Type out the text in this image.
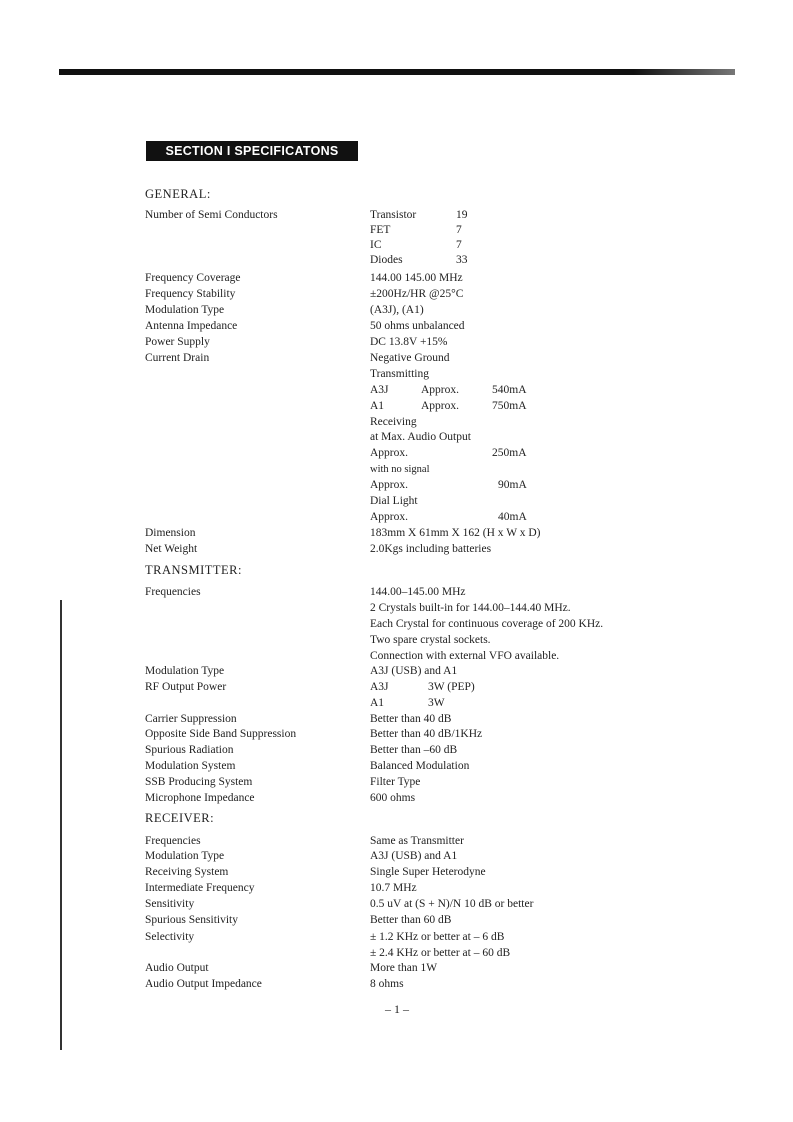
SECTION I SPECIFICATONS
GENERAL:
Number of Semi Conductors	Transistor	19
FET	7
IC	7
Diodes	33
Frequency Coverage	144.00 145.00 MHz
Frequency Stability	±200Hz/HR @25°C
Modulation Type	(A3J), (A1)
Antenna Impedance	50 ohms unbalanced
Power Supply	DC 13.8V +15%
Current Drain	Negative Ground
Transmitting
A3J	Approx.	540mA
A1	Approx.	750mA
Receiving
at Max. Audio Output
Approx.	250mA
with no signal
Approx.	90mA
Dial Light
Approx.	40mA
Dimension	183mm X 61mm X 162 (H x W x D)
Net Weight	2.0Kgs including batteries
TRANSMITTER:
Frequencies	144.00–145.00 MHz
2 Crystals built-in for 144.00–144.40 MHz.
Each Crystal for continuous coverage of 200 KHz.
Two spare crystal sockets.
Connection with external VFO available.
Modulation Type	A3J (USB) and A1
RF Output Power	A3J	3W (PEP)
A1	3W
Carrier Suppression	Better than 40 dB
Opposite Side Band Suppression	Better than 40 dB/1KHz
Spurious Radiation	Better than –60 dB
Modulation System	Balanced Modulation
SSB Producing System	Filter Type
Microphone Impedance	600 ohms
RECEIVER:
Frequencies	Same as Transmitter
Modulation Type	A3J (USB) and A1
Receiving System	Single Super Heterodyne
Intermediate Frequency	10.7 MHz
Sensitivity	0.5 uV at (S + N)/N 10 dB or better
Spurious Sensitivity	Better than 60 dB
Selectivity	± 1.2 KHz or better at – 6 dB
± 2.4 KHz or better at – 60 dB
Audio Output	More than 1W
Audio Output Impedance	8 ohms
– 1 –
